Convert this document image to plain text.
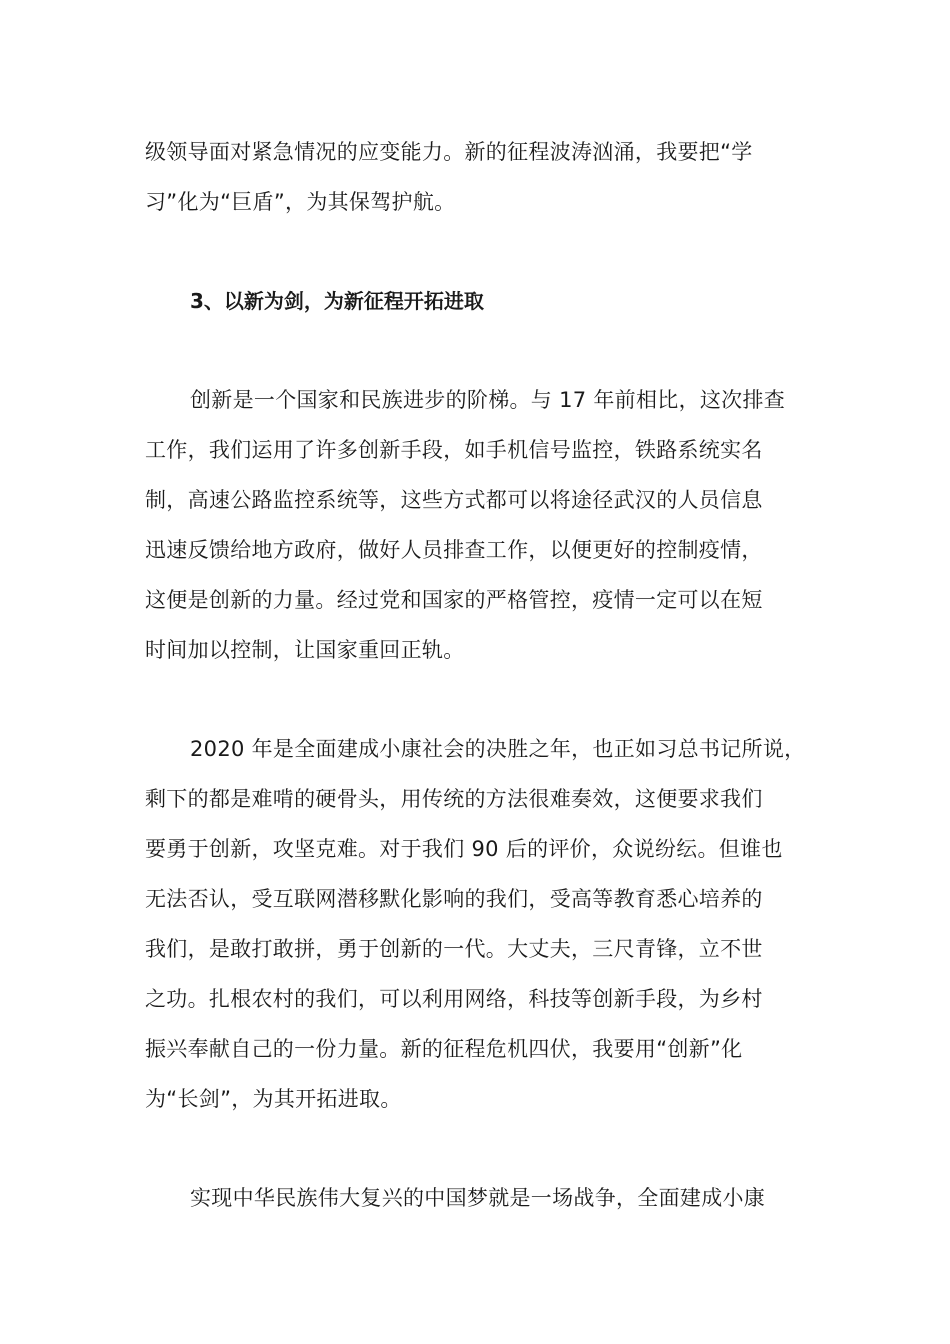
级领导面对紧急情况的应变能力。新的征程波涛汹涌，我要把“学
习”化为“巨盾”，为其保驾护航。
3、以新为剑，为新征程开拓进取
创新是一个国家和民族进步的阶梯。与 17 年前相比，这次排查
工作，我们运用了许多创新手段，如手机信号监控，铁路系统实名
制，高速公路监控系统等，这些方式都可以将途径武汉的人员信息
迅速反馈给地方政府，做好人员排查工作，以便更好的控制疫情，
这便是创新的力量。经过党和国家的严格管控，疫情一定可以在短
时间加以控制，让国家重回正轨。
2020 年是全面建成小康社会的决胜之年，也正如习总书记所说，
剩下的都是难啃的硬骨头，用传统的方法很难奏效，这便要求我们
要勇于创新，攻坚克难。对于我们 90 后的评价，众说纷纭。但谁也
无法否认，受互联网潜移默化影响的我们，受高等教育悉心培养的
我们，是敢打敢拼，勇于创新的一代。大丈夫，三尺青锋，立不世
之功。扎根农村的我们，可以利用网络，科技等创新手段，为乡村
振兴奉献自己的一份力量。新的征程危机四伏，我要用“创新”化
为“长剑”，为其开拓进取。
实现中华民族伟大复兴的中国梦就是一场战争，全面建成小康
